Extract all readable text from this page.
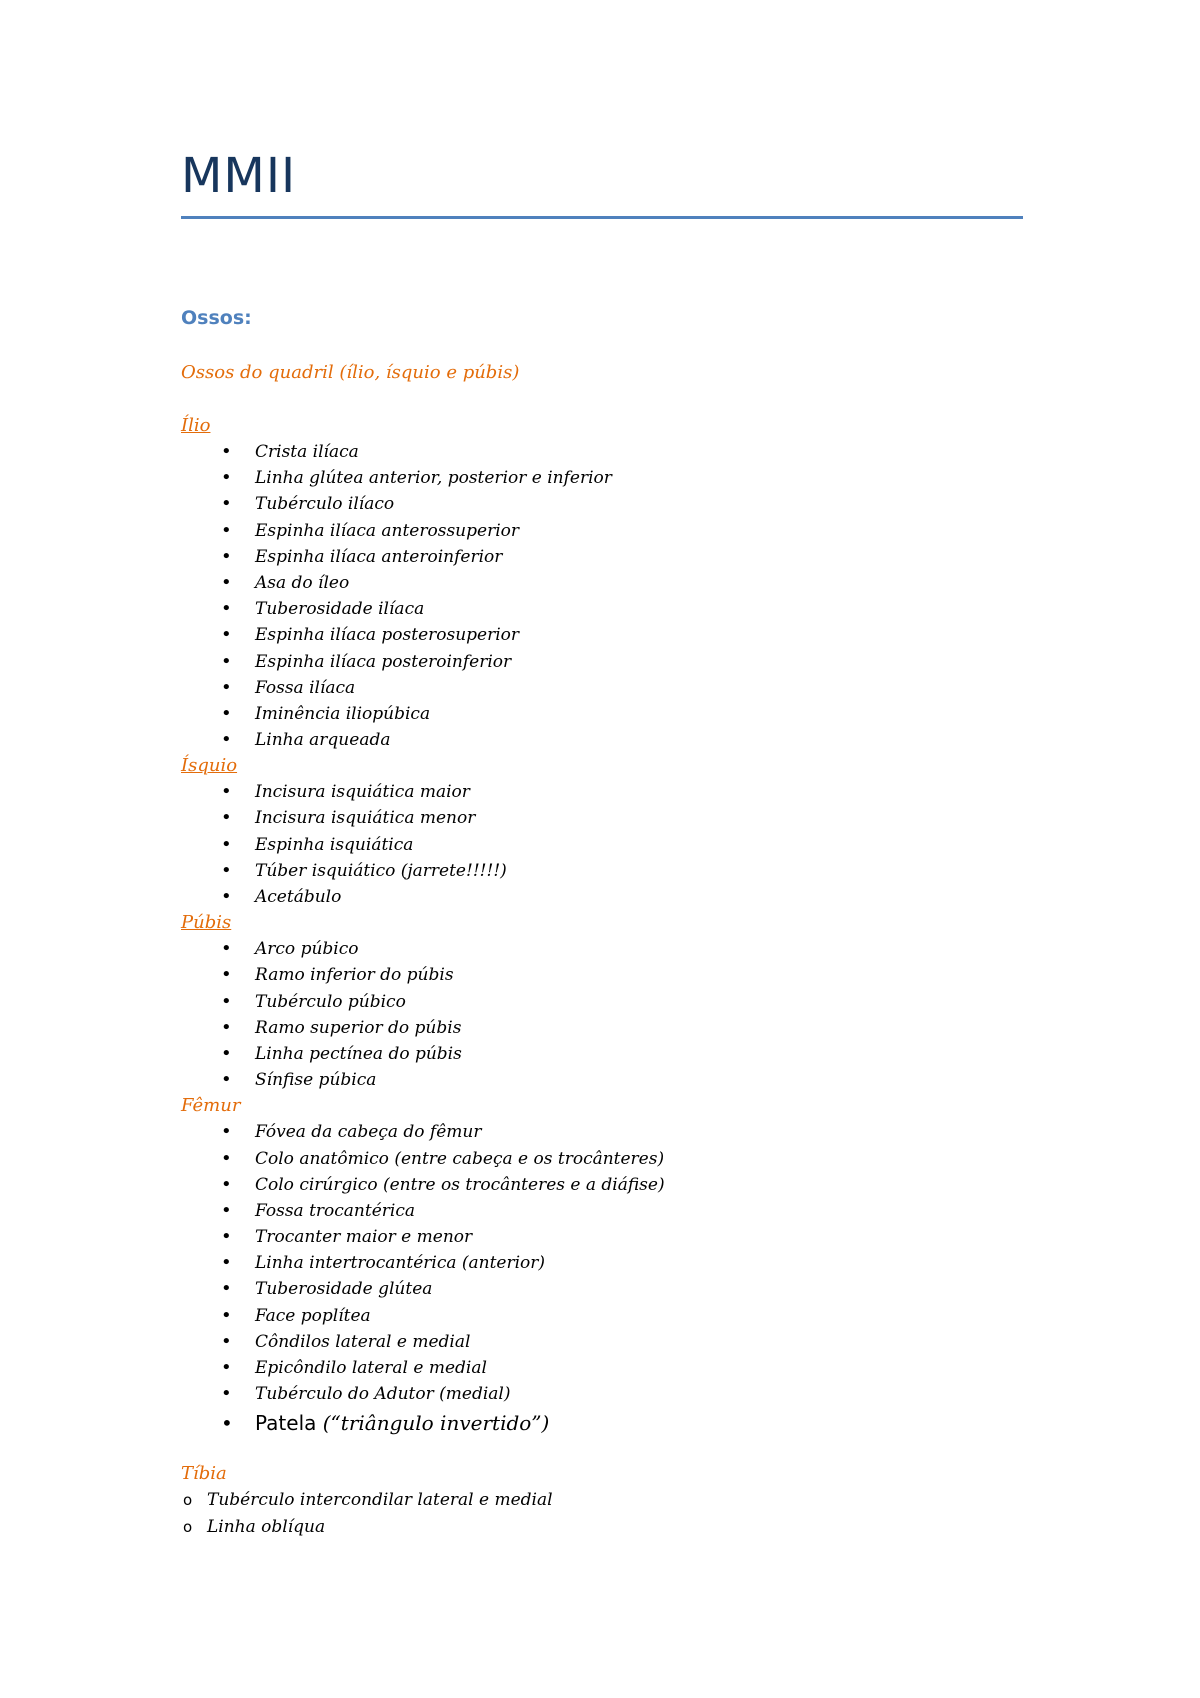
MMII
Ossos:
Ossos do quadril (ílio, ísquio e púbis)
Ílio
• Crista ilíaca
• Linha glútea anterior, posterior e inferior
• Tubérculo ilíaco
• Espinha ilíaca anterossuperior
• Espinha ilíaca anteroinferior
• Asa do íleo
• Tuberosidade ilíaca
• Espinha ilíaca posterosuperior
• Espinha ilíaca posteroinferior
• Fossa ilíaca
• Iminência iliopúbica
• Linha arqueada
Ísquio
• Incisura isquiática maior
• Incisura isquiática menor
• Espinha isquiática
• Túber isquiático (jarrete!!!!!)
• Acetábulo
Púbis
• Arco púbico
• Ramo inferior do púbis
• Tubérculo púbico
• Ramo superior do púbis
• Linha pectínea do púbis
• Sínfise púbica
Fêmur
• Fóvea da cabeça do fêmur
• Colo anatômico (entre cabeça e os trocânteres)
• Colo cirúrgico (entre os trocânteres e a diáfise)
• Fossa trocantérica
• Trocanter maior e menor
• Linha intertrocantérica (anterior)
• Tuberosidade glútea
• Face poplítea
• Côndilos lateral e medial
• Epicôndilo lateral e medial
• Tubérculo do Adutor (medial)
• Patela (“triângulo invertido”)
Tíbia
o Tubérculo intercondilar lateral e medial
o Linha oblíqua
